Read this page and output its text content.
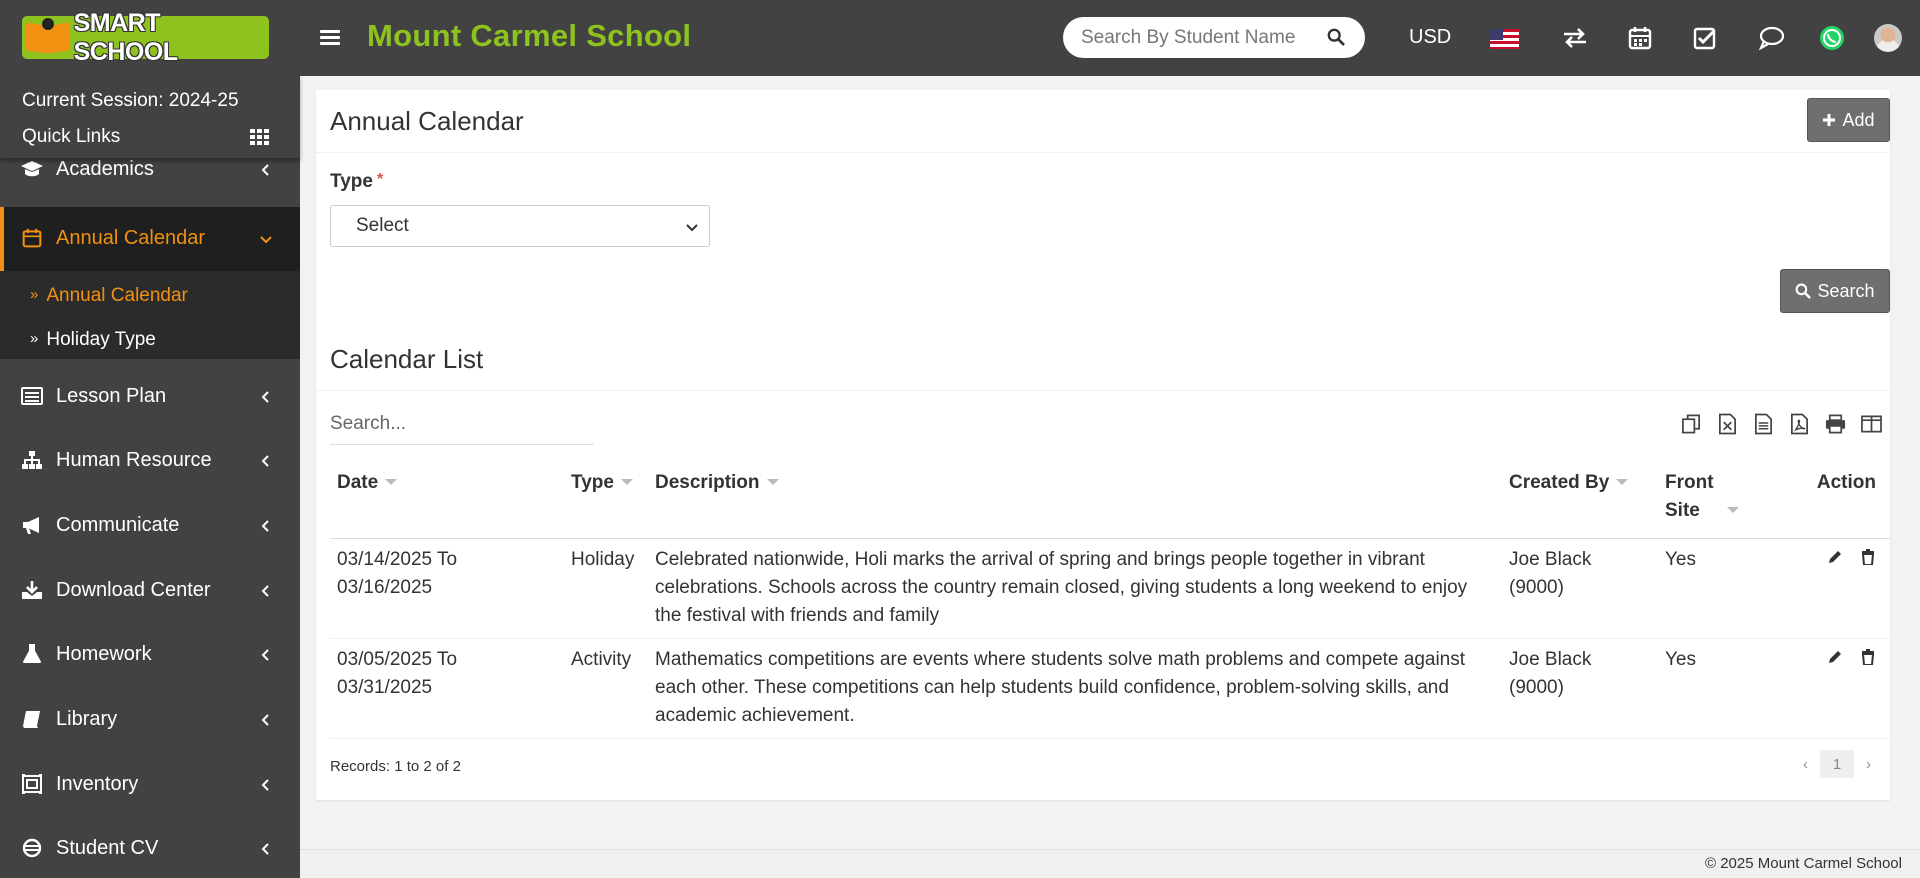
SMART SCHOOL	Mount Carmel School
Search By Student Name	USD
Current Session: 2024-25
Quick Links
Academics
Annual Calendar
» Annual Calendar
» Holiday Type
Lesson Plan
Human Resource
Communicate
Download Center
Homework
Library
Inventory
Student CV
Annual Calendar	Add
Type *
Select
Search
Calendar List
Search...
Date	Type	Description	Created By	Front Site	Action
03/14/2025 To 03/16/2025	Holiday	Celebrated nationwide, Holi marks the arrival of spring and brings people together in vibrant celebrations. Schools across the country remain closed, giving students a long weekend to enjoy the festival with friends and family	Joe Black (9000)	Yes	

03/05/2025 To 03/31/2025	Activity	Mathematics competitions are events where students solve math problems and compete against each other. These competitions can help students build confidence, problem-solving skills, and academic achievement.	Joe Black (9000)	Yes	
Records: 1 to 2 of 2	‹	1	›
© 2025 Mount Carmel School
